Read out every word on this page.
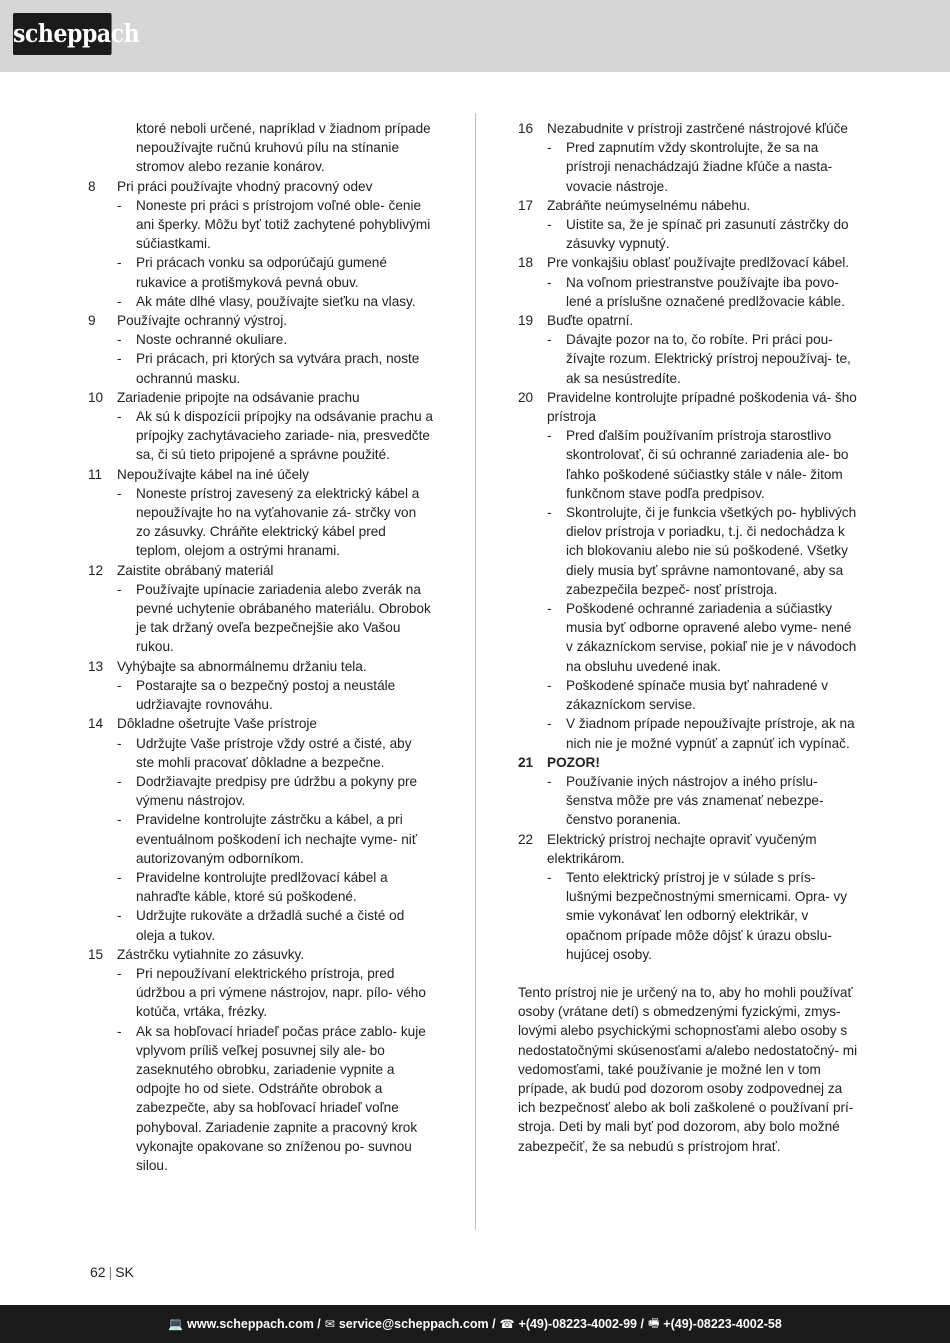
scheppach
ktoré neboli určené, napríklad v žiadnom prípade nepoužívajte ručnú kruhovú pílu na stínanie stromov alebo rezanie konárov.
8	Pri práci používajte vhodný pracovný odev
-	Noneste pri práci s prístrojom voľné oble- čenie ani šperky. Môžu byť totiž zachytené pohyblivými súčiastkami.
-	Pri prácach vonku sa odporúčajú gumené rukavice a protišmyková pevná obuv.
-	Ak máte dlhé vlasy, používajte sieťku na vlasy.
9	Používajte ochranný výstroj.
-	Noste ochranné okuliare.
-	Pri prácach, pri ktorých sa vytvára prach, noste ochrannú masku.
10	Zariadenie pripojte na odsávanie prachu
-	Ak sú k dispozícii prípojky na odsávanie prachu a prípojky zachytávacieho zariade- nia, presvedčte sa, či sú tieto pripojené a správne použité.
11	Nepoužívajte kábel na iné účely
-	Noneste prístroj zavesený za elektrický kábel a nepoužívajte ho na vyťahovanie zá- strčky von zo zásuvky. Chráňte elektrický kábel pred teplom, olejom a ostrými hranami.
12	Zaistite obrábaný materiál
-	Používajte upínacie zariadenia alebo zverák na pevné uchytenie obrábaného materiálu. Obrobok je tak držaný oveľa bezpečnejšie ako Vašou rukou.
13	Vyhýbajte sa abnormálnemu držaniu tela.
-	Postarajte sa o bezpečný postoj a neustále udržiavajte rovnováhu.
14	Dôkladne ošetrujte Vaše prístroje
-	Udržujte Vaše prístroje vždy ostré a čisté, aby ste mohli pracovať dôkladne a bezpečne.
-	Dodržiavajte predpisy pre údržbu a pokyny pre výmenu nástrojov.
-	Pravidelne kontrolujte zástrčku a kábel, a pri eventuálnom poškodení ich nechajte vyme- niť autorizovaným odborníkom.
-	Pravidelne kontrolujte predlžovací kábel a nahraďte káble, ktoré sú poškodené.
-	Udržujte rukoväte a držadlá suché a čisté od oleja a tukov.
15	Zástrčku vytiahnite zo zásuvky.
-	Pri nepoužívaní elektrického prístroja, pred údržbou a pri výmene nástrojov, napr. pílo- vého kotúča, vrtáka, frézky.
-	Ak sa hobľovací hriadeľ počas práce zablo- kuje vplyvom príliš veľkej posuvnej sily ale- bo zaseknutého obrobku, zariadenie vypnite a odpojte ho od siete. Odstráňte obrobok a zabezpečte, aby sa hobľovací hriadeľ voľne pohyboval. Zariadenie zapnite a pracovný krok vykonajte opakovane so zníženou po- suvnou silou.
16	Nezabudnite v prístroji zastrčené nástrojové kľúče
-	Pred zapnutím vždy skontrolujte, že sa na prístroji nenachádzajú žiadne kľúče a nasta- vovacie nástroje.
17	Zabráňte neúmyselnému nábehu.
-	Uistite sa, že je spínač pri zasunutí zástrčky do zásuvky vypnutý.
18	Pre vonkajšiu oblasť používajte predlžovací kábel.
-	Na voľnom priestranstve používajte iba povo- lené a príslušne označené predlžovacie káble.
19	Buďte opatrní.
-	Dávajte pozor na to, čo robíte. Pri práci pou- žívajte rozum. Elektrický prístroj nepoužívaj- te, ak sa nesústredíte.
20	Pravidelne kontrolujte prípadné poškodenia vá- šho prístroja
-	Pred ďalším používaním prístroja starostlivo skontrolovať, či sú ochranné zariadenia ale- bo ľahko poškodené súčiastky stále v nále- žitom funkčnom stave podľa predpisov.
-	Skontrolujte, či je funkcia všetkých po- hyblivých dielov prístroja v poriadku, t.j. či nedochádza k ich blokovaniu alebo nie sú poškodené. Všetky diely musia byť správne namontované, aby sa zabezpečila bezpeč- nosť prístroja.
-	Poškodené ochranné zariadenia a súčiastky musia byť odborne opravené alebo vyme- nené v zákazníckom servise, pokiaľ nie je v návodoch na obsluhu uvedené inak.
-	Poškodené spínače musia byť nahradené v zákazníckom servise.
-	V žiadnom prípade nepoužívajte prístroje, ak na nich nie je možné vypnúť a zapnúť ich vypínač.
21	POZOR!
-	Používanie iných nástrojov a iného príslu- šenstva môže pre vás znamenať nebezpe- čenstvo poranenia.
22	Elektrický prístroj nechajte opraviť vyučeným elektrikárom.
-	Tento elektrický prístroj je v súlade s prís- lušnými bezpečnostnými smernicami. Opra- vy smie vykonávať len odborný elektrikár, v opačnom prípade môže dôjsť k úrazu obslu- hujúcej osoby.
Tento prístroj nie je určený na to, aby ho mohli používať osoby (vrátane detí) s obmedzenými fyzickými, zmys- lovými alebo psychickými schopnosťami alebo osoby s nedostatočnými skúsenosťami a/alebo nedostatočný- mi vedomosťami, také používanie je možné len v tom prípade, ak budú pod dozorom osoby zodpovednej za ich bezpečnosť alebo ak boli zaškolené o používaní prí- stroja. Deti by mali byť pod dozorom, aby bolo možné zabezpečiť, že sa nebudú s prístrojom hrať.
62 | SK
💻 www.scheppach.com / ✉ service@scheppach.com / ☎ +(49)-08223-4002-99 / 🖷 +(49)-08223-4002-58
